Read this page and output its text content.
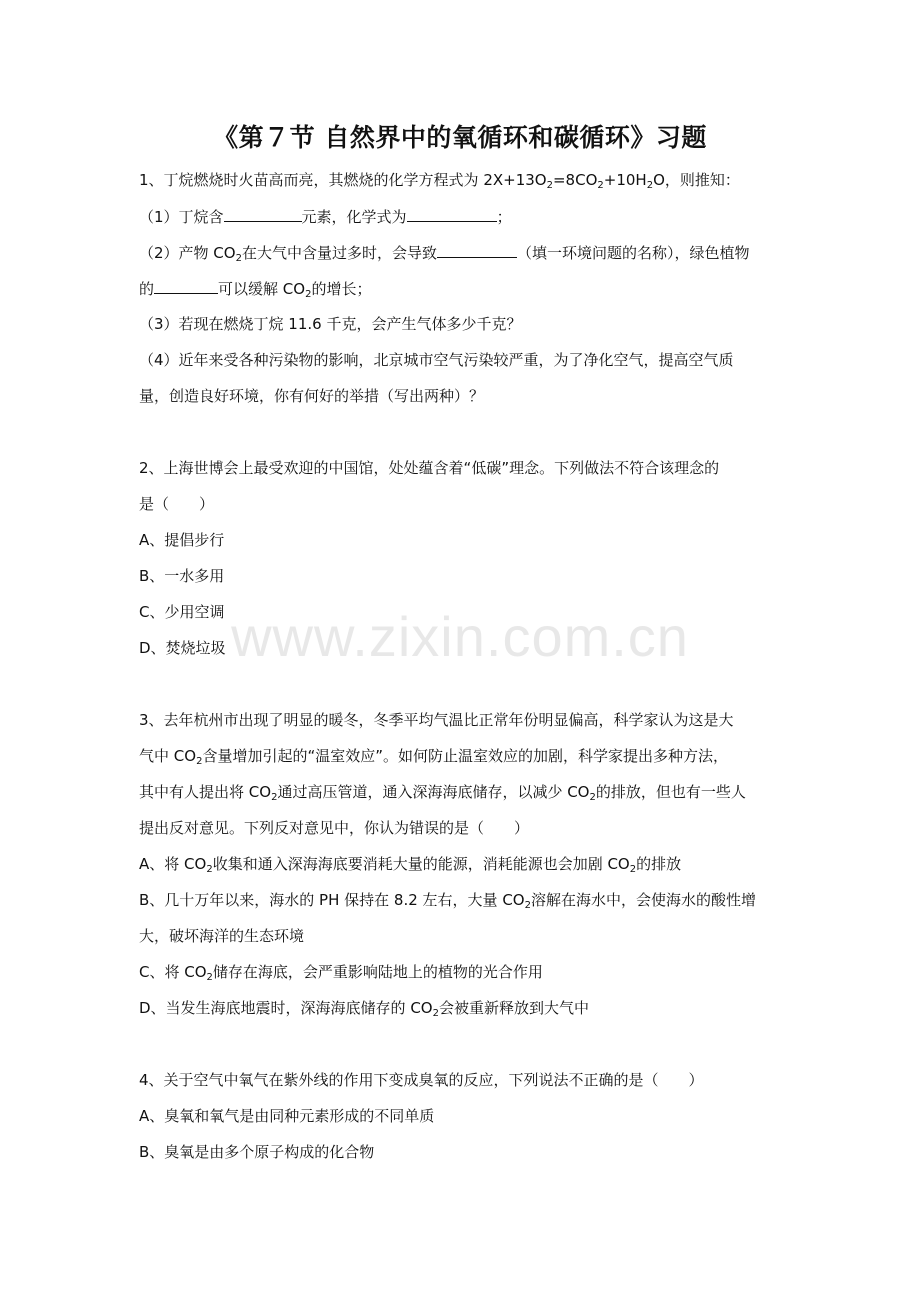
《第７节 自然界中的氧循环和碳循环》习题
1、丁烷燃烧时火苗高而亮，其燃烧的化学方程式为 $2X+13O_2=8CO_2+10H_2O$，则推知：
（1）丁烷含	元素，化学式为	；
（2）产物 $CO_2$在大气中含量过多时，会导致	（填一环境问题的名称），绿色植物
的	可以缓解 $CO_2$的增长；
（3）若现在燃烧丁烷 11.6 千克，会产生气体多少千克？
（4）近年来受各种污染物的影响，北京城市空气污染较严重，为了净化空气，提高空气质
量，创造良好环境，你有何好的举措（写出两种）？
2、上海世博会上最受欢迎的中国馆，处处蕴含着“低碳”理念。下列做法不符合该理念的
是（　　）
A、提倡步行
B、一水多用
C、少用空调
D、焚烧垃圾
3、去年杭州市出现了明显的暖冬，冬季平均气温比正常年份明显偏高，科学家认为这是大
气中 $CO_2$含量增加引起的“温室效应”。如何防止温室效应的加剧，科学家提出多种方法，
其中有人提出将 $CO_2$通过高压管道，通入深海海底储存，以减少 $CO_2$的排放，但也有一些人
提出反对意见。下列反对意见中，你认为错误的是（　　）
A、将 $CO_2$收集和通入深海海底要消耗大量的能源，消耗能源也会加剧 $CO_2$的排放
B、几十万年以来，海水的 PH 保持在 8.2 左右，大量 $CO_2$溶解在海水中，会使海水的酸性增
大，破坏海洋的生态环境
C、将 $CO_2$储存在海底，会严重影响陆地上的植物的光合作用
D、当发生海底地震时，深海海底储存的 $CO_2$会被重新释放到大气中
4、关于空气中氧气在紫外线的作用下变成臭氧的反应，下列说法不正确的是（　　）
A、臭氧和氧气是由同种元素形成的不同单质
B、臭氧是由多个原子构成的化合物
www.zixin.com.cn
